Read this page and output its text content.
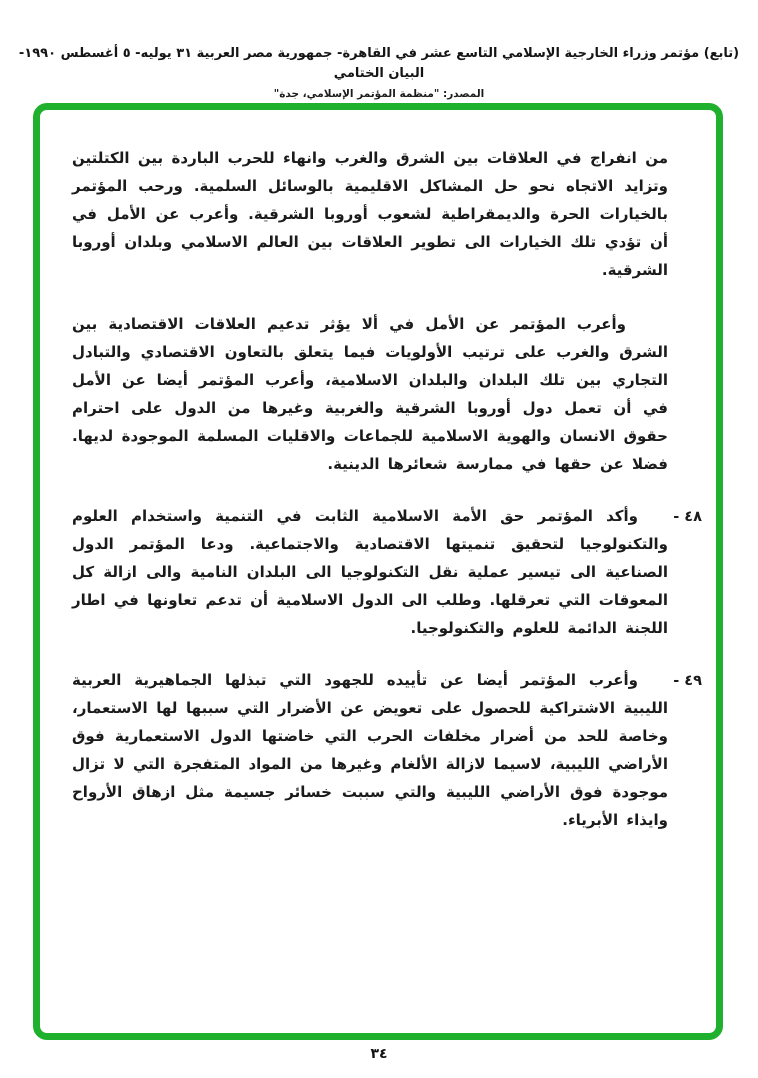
(تابع) مؤتمر وزراء الخارجية الإسلامي التاسع عشر في القاهرة- جمهورية مصر العربية ٣١ يوليه- ٥ أغسطس ١٩٩٠- البيان الختامي
المصدر: "منظمة المؤتمر الإسلامي، جدة"

من انفراج في العلاقات بين الشرق والغرب وانهاء للحرب الباردة بين الكتلتين وتزايد الاتجاه نحو حل المشاكل الاقليمية بالوسائل السلمية. ورحب المؤتمر بالخيارات الحرة والديمقراطية لشعوب أوروبا الشرقية. وأعرب عن الأمل في أن تؤدي تلك الخيارات الى تطوير العلاقات بين العالم الاسلامي وبلدان أوروبا الشرقية.

وأعرب المؤتمر عن الأمل في ألا يؤثر تدعيم العلاقات الاقتصادية بين الشرق والغرب على ترتيب الأولويات فيما يتعلق بالتعاون الاقتصادي والتبادل التجاري بين تلك البلدان والبلدان الاسلامية، وأعرب المؤتمر أيضا عن الأمل في أن تعمل دول أوروبا الشرقية والغربية وغيرها من الدول على احترام حقوق الانسان والهوية الاسلامية للجماعات والاقليات المسلمة الموجودة لديها. فضلا عن حقها في ممارسة شعائرها الدينية.

٤٨ -
وأكد المؤتمر حق الأمة الاسلامية الثابت في التنمية واستخدام العلوم والتكنولوجيا لتحقيق تنميتها الاقتصادية والاجتماعية. ودعا المؤتمر الدول الصناعية الى تيسير عملية نقل التكنولوجيا الى البلدان النامية والى ازالة كل المعوقات التي تعرقلها. وطلب الى الدول الاسلامية أن تدعم تعاونها في اطار اللجنة الدائمة للعلوم والتكنولوجيا.
٤٩ -
وأعرب المؤتمر أيضا عن تأييده للجهود التي تبذلها الجماهيرية العربية الليبية الاشتراكية للحصول على تعويض عن الأضرار التي سببها لها الاستعمار، وخاصة للحد من أضرار مخلفات الحرب التي خاضتها الدول الاستعمارية فوق الأراضي الليبية، لاسيما لازالة الألغام وغيرها من المواد المتفجرة التي لا تزال موجودة فوق الأراضي الليبية والتي سببت خسائر جسيمة مثل ازهاق الأرواح وايذاء الأبرياء.
٣٤
